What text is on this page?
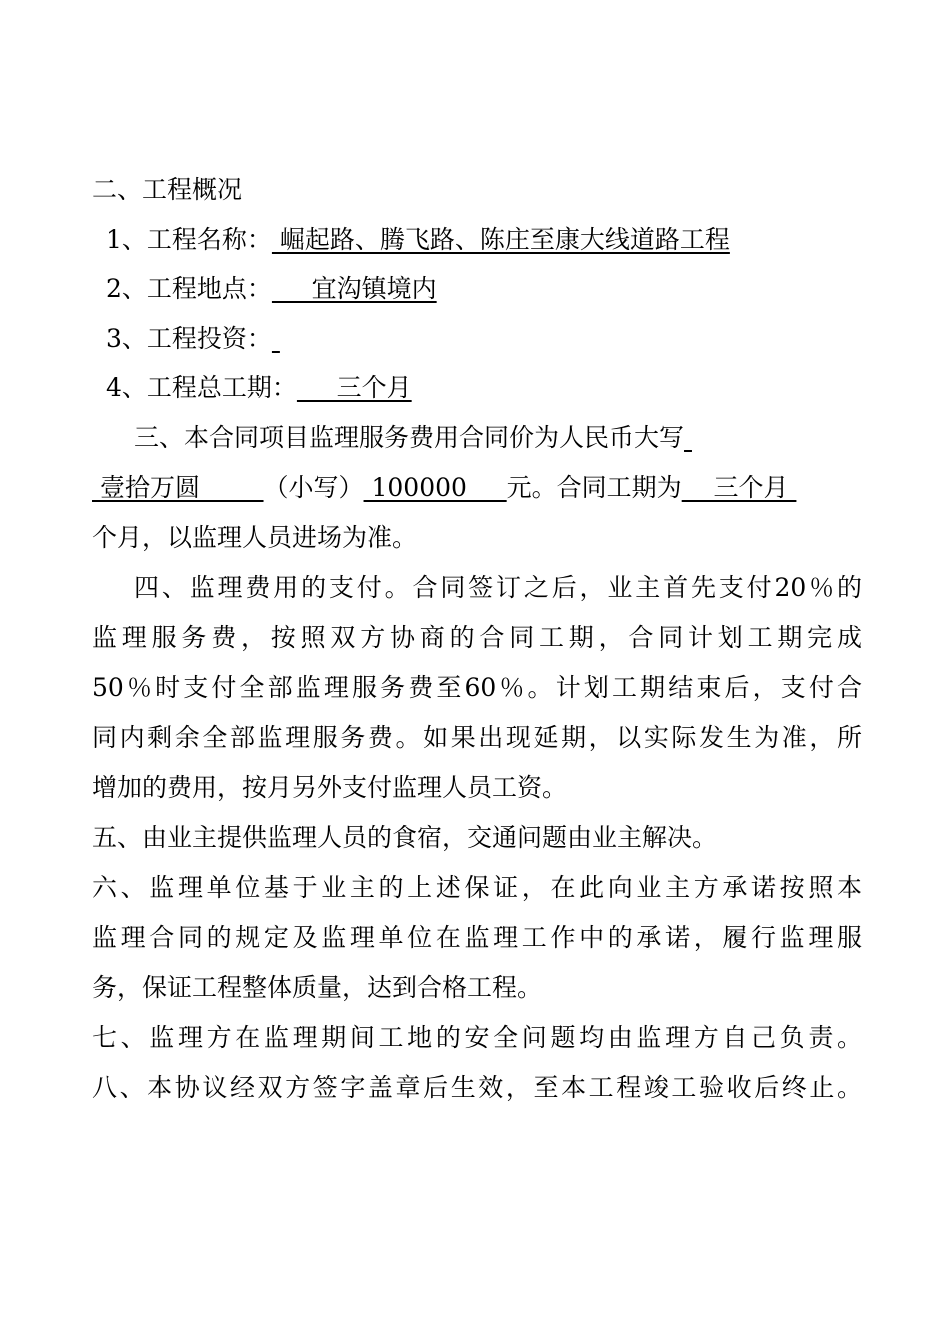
二、工程概况
1、工程名称： 崛起路、腾飞路、陈庄至康大线道路工程
2、工程地点：     宜沟镇境内
3、工程投资：
4、工程总工期：     三个月
三、本合同项目监理服务费用合同价为人民币大写
壹拾万圆        （小写） 100000     元。合同工期为    三个月
个月，以监理人员进场为准。
四、监理费用的支付。合同签订之后，业主首先支付20％的
监理服务费，按照双方协商的合同工期，合同计划工期完成
50％时支付全部监理服务费至60％。计划工期结束后，支付合
同内剩余全部监理服务费。如果出现延期，以实际发生为准，所
增加的费用，按月另外支付监理人员工资。
五、由业主提供监理人员的食宿，交通问题由业主解决。
六、监理单位基于业主的上述保证，在此向业主方承诺按照本
监理合同的规定及监理单位在监理工作中的承诺，履行监理服
务，保证工程整体质量，达到合格工程。
七、监理方在监理期间工地的安全问题均由监理方自己负责。
八、本协议经双方签字盖章后生效，至本工程竣工验收后终止。
